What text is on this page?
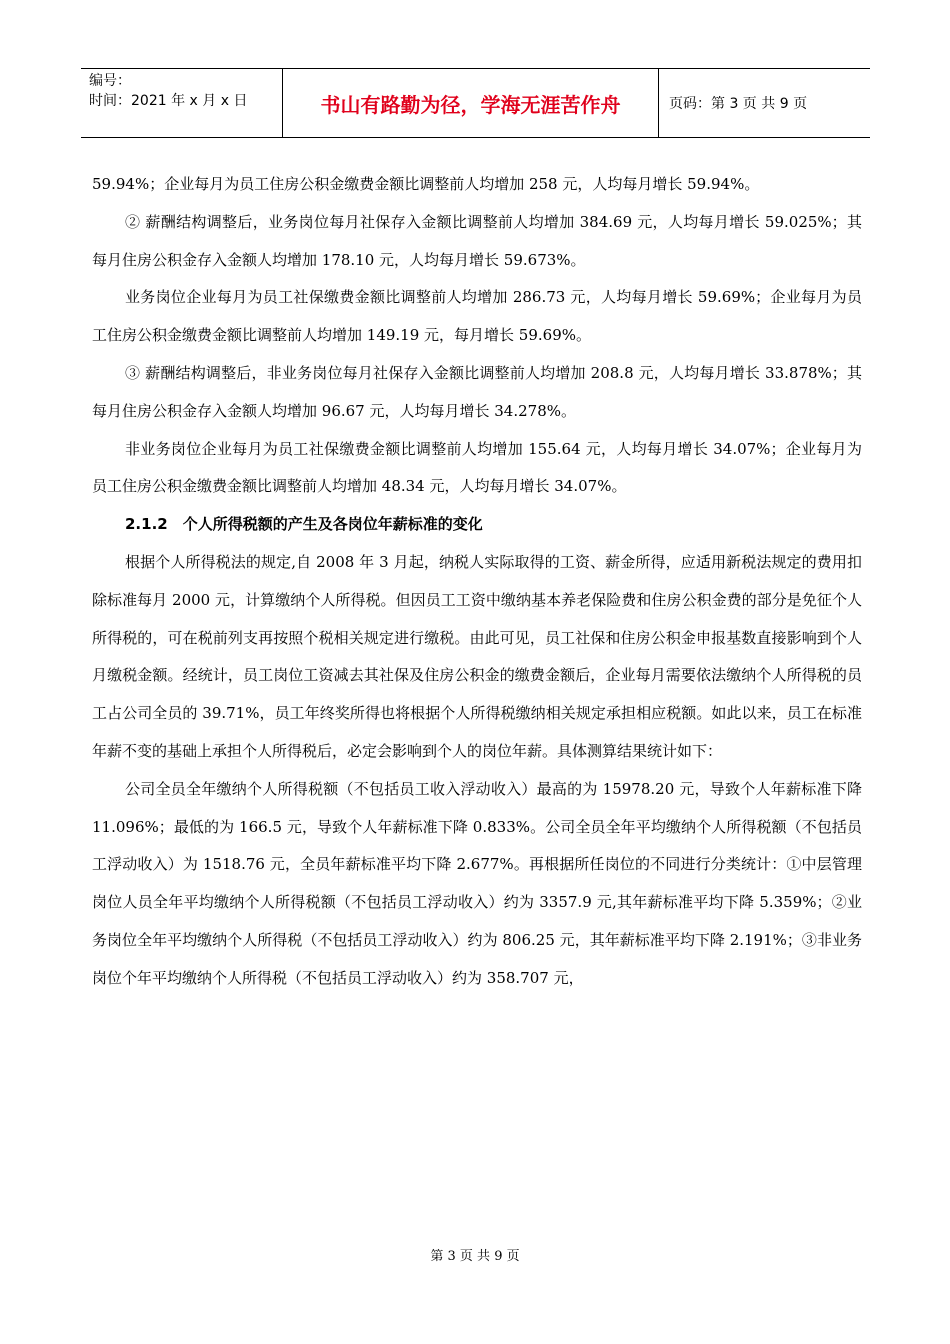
编号：
时间：2021 年 x 月 x 日	书山有路勤为径，学海无涯苦作舟	页码：第 3 页 共 9 页

59.94%；企业每月为员工住房公积金缴费金额比调整前人均增加 258 元，人均每月增长 59.94%。

② 薪酬结构调整后，业务岗位每月社保存入金额比调整前人均增加 384.69 元，人均每月增长 59.025%；其每月住房公积金存入金额人均增加 178.10 元，人均每月增长 59.673%。

业务岗位企业每月为员工社保缴费金额比调整前人均增加 286.73 元，人均每月增长 59.69%；企业每月为员工住房公积金缴费金额比调整前人均增加 149.19 元，每月增长 59.69%。

③ 薪酬结构调整后，非业务岗位每月社保存入金额比调整前人均增加 208.8 元，人均每月增长 33.878%；其每月住房公积金存入金额人均增加 96.67 元，人均每月增长 34.278%。

非业务岗位企业每月为员工社保缴费金额比调整前人均增加 155.64 元，人均每月增长 34.07%；企业每月为员工住房公积金缴费金额比调整前人均增加 48.34 元，人均每月增长 34.07%。

2.1.2　个人所得税额的产生及各岗位年薪标准的变化

根据个人所得税法的规定,自 2008 年 3 月起，纳税人实际取得的工资、薪金所得，应适用新税法规定的费用扣除标准每月 2000 元，计算缴纳个人所得税。但因员工工资中缴纳基本养老保险费和住房公积金费的部分是免征个人所得税的，可在税前列支再按照个税相关规定进行缴税。由此可见，员工社保和住房公积金申报基数直接影响到个人月缴税金额。经统计，员工岗位工资减去其社保及住房公积金的缴费金额后，企业每月需要依法缴纳个人所得税的员工占公司全员的 39.71%，员工年终奖所得也将根据个人所得税缴纳相关规定承担相应税额。如此以来，员工在标准年薪不变的基础上承担个人所得税后，必定会影响到个人的岗位年薪。具体测算结果统计如下：

公司全员全年缴纳个人所得税额（不包括员工收入浮动收入）最高的为 15978.20 元，导致个人年薪标准下降 11.096%；最低的为 166.5 元，导致个人年薪标准下降 0.833%。公司全员全年平均缴纳个人所得税额（不包括员工浮动收入）为 1518.76 元，全员年薪标准平均下降 2.677%。再根据所任岗位的不同进行分类统计：①中层管理岗位人员全年平均缴纳个人所得税额（不包括员工浮动收入）约为 3357.9 元,其年薪标准平均下降 5.359%；②业务岗位全年平均缴纳个人所得税（不包括员工浮动收入）约为 806.25 元，其年薪标准平均下降 2.191%；③非业务岗位个年平均缴纳个人所得税（不包括员工浮动收入）约为 358.707 元，

第 3 页 共 9 页
